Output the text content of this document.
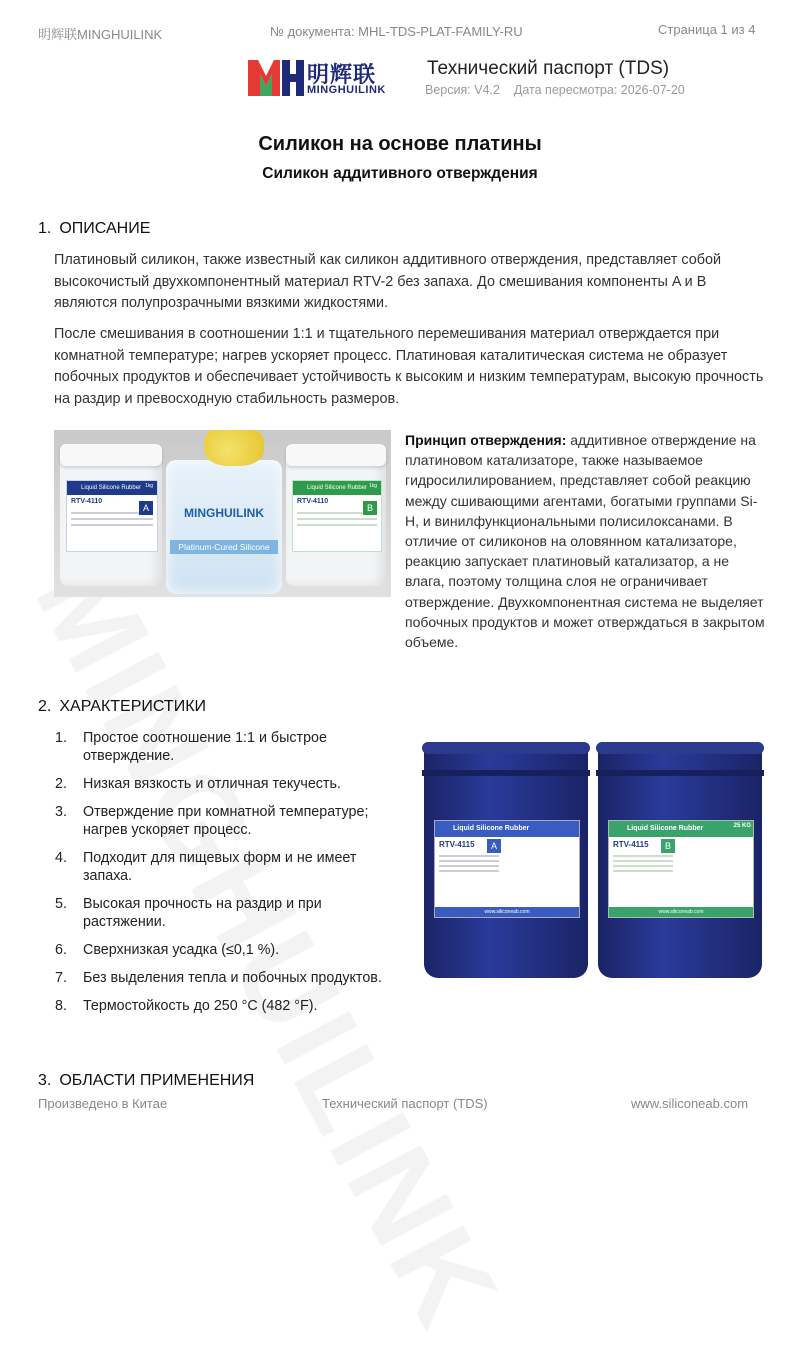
明辉联MINGHUILINK	№ документа: MHL-TDS-PLAT-FAMILY-RU	Страница 1 из 4
明辉联
MINGHUILINK
Технический паспорт (TDS)
Версия: V4.2 Дата пересмотра: 2026-07-20
Силикон на основе платины
Силикон аддитивного отверждения
1. ОПИСАНИЕ

Платиновый силикон, также известный как силикон аддитивного отверждения, представляет собой высокочистый двухкомпонентный материал RTV-2 без запаха. До смешивания компоненты A и B являются полупрозрачными вязкими жидкостями.

После смешивания в соотношении 1:1 и тщательного перемешивания материал отверждается при комнатной температуре; нагрев ускоряет процесс. Платиновая каталитическая система не образует побочных продуктов и обеспечивает устойчивость к высоким и низким температурам, высокую прочность на раздир и превосходную стабильность размеров.

Liquid Silicone Rubber
RTV-4110
A
1kg
MINGHUILINK
Platinum-Cured Silicone
Liquid Silicone Rubber
RTV-4110
B
1kg

Принцип отверждения: аддитивное отверждение на платиновом катализаторе, также называемое гидросилилированием, представляет собой реакцию между сшивающими агентами, богатыми группами Si-H, и винилфункциональными полисилоксанами. В отличие от силиконов на оловянном катализаторе, реакцию запускает платиновый катализатор, а не влага, поэтому толщина слоя не ограничивает отверждение. Двухкомпонентная система не выделяет побочных продуктов и может отверждаться в закрытом объеме.

2. ХАРАКТЕРИСТИКИ
1.	Простое соотношение 1:1 и быстрое отверждение.
2.	Низкая вязкость и отличная текучесть.
3.	Отверждение при комнатной температуре; нагрев ускоряет процесс.
4.	Подходит для пищевых форм и не имеет запаха.
5.	Высокая прочность на раздир и при растяжении.
6.	Сверхнизкая усадка (≤0,1 %).
7.	Без выделения тепла и побочных продуктов.
8.	Термостойкость до 250 °C (482 °F).
Liquid Silicone Rubber
RTV-4115	A
www.siliconeab.com
Liquid Silicone Rubber	25 KG
RTV-4115	B
www.siliconeab.com
3. ОБЛАСТИ ПРИМЕНЕНИЯ
Произведено в Китае	Технический паспорт (TDS)	www.siliconeab.com
